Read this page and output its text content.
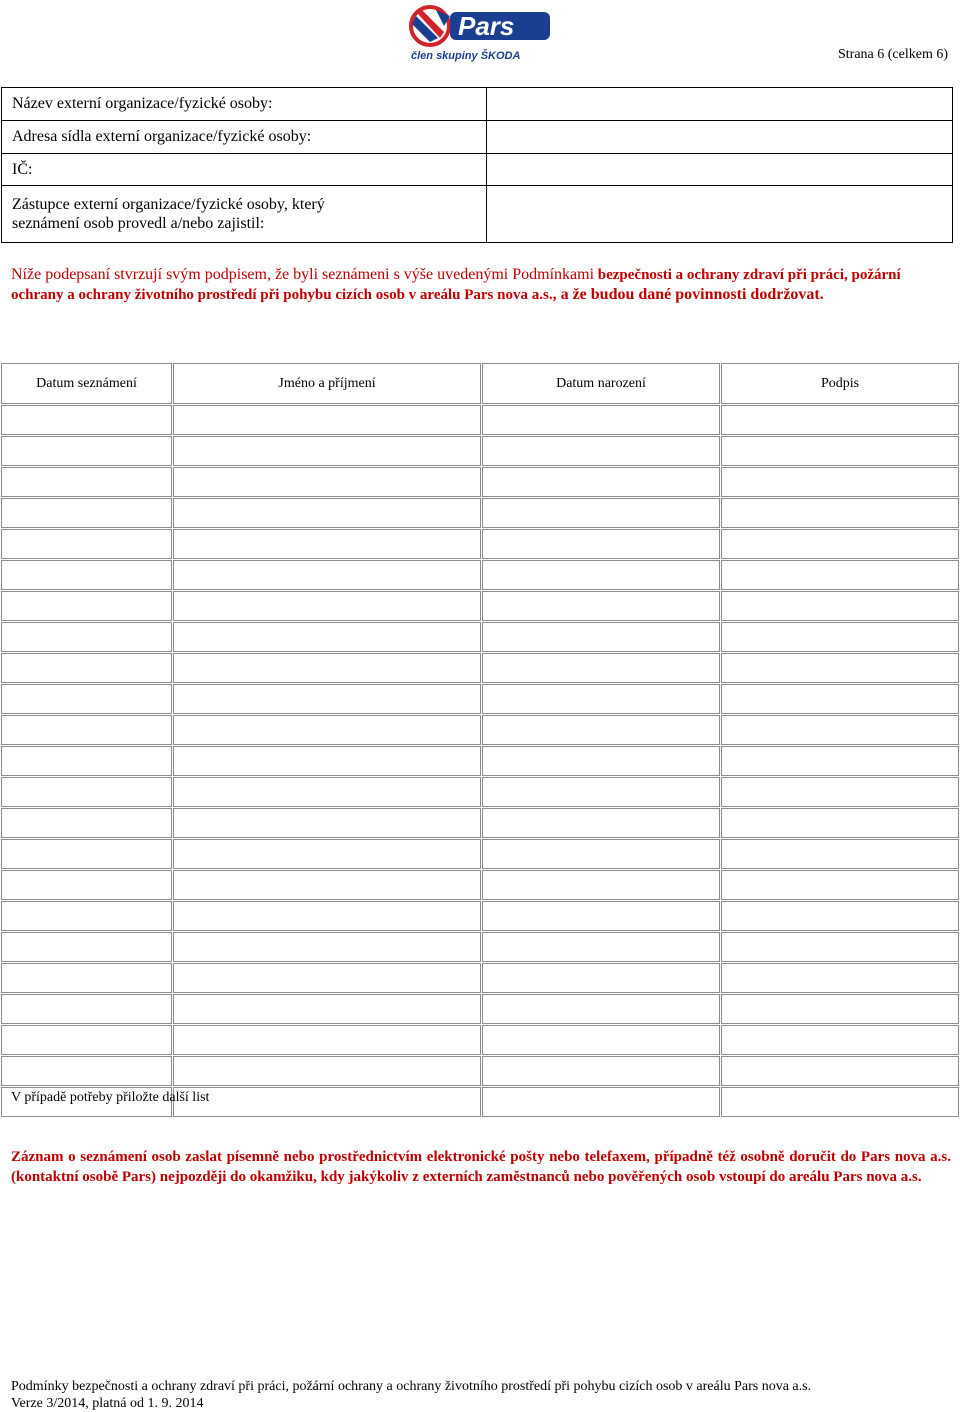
Pars
člen skupiny ŠKODA	Strana 6 (celkem 6)
Název externí organizace/fyzické osoby:		
Adresa sídla externí organizace/fyzické osoby:		
IČ:		
Zástupce externí organizace/fyzické osoby, který
seznámení osob provedl a/nebo zajistil:		
Níže podepsaní stvrzují svým podpisem, že byli seznámeni s výše uvedenými Podmínkami bezpečnosti a ochrany zdraví při práci, požární ochrany a ochrany životního prostředí při pohybu cizích osob v areálu Pars nova a.s., a že budou dané povinnosti dodržovat.
Datum seznámení	Jméno a příjmení	Datum narození	Podpis

V případě potřeby přiložte další list
Záznam o seznámení osob zaslat písemně nebo prostřednictvím elektronické pošty nebo telefaxem, případně též osobně doručit do Pars nova a.s. (kontaktní osobě Pars) nejpozději do okamžiku, kdy jakýkoliv z externích zaměstnanců nebo pověřených osob vstoupí do areálu Pars nova a.s.
Podmínky bezpečnosti a ochrany zdraví při práci, požární ochrany a ochrany životního prostředí při pohybu cizích osob v areálu Pars nova a.s.
Verze 3/2014, platná od 1. 9. 2014
